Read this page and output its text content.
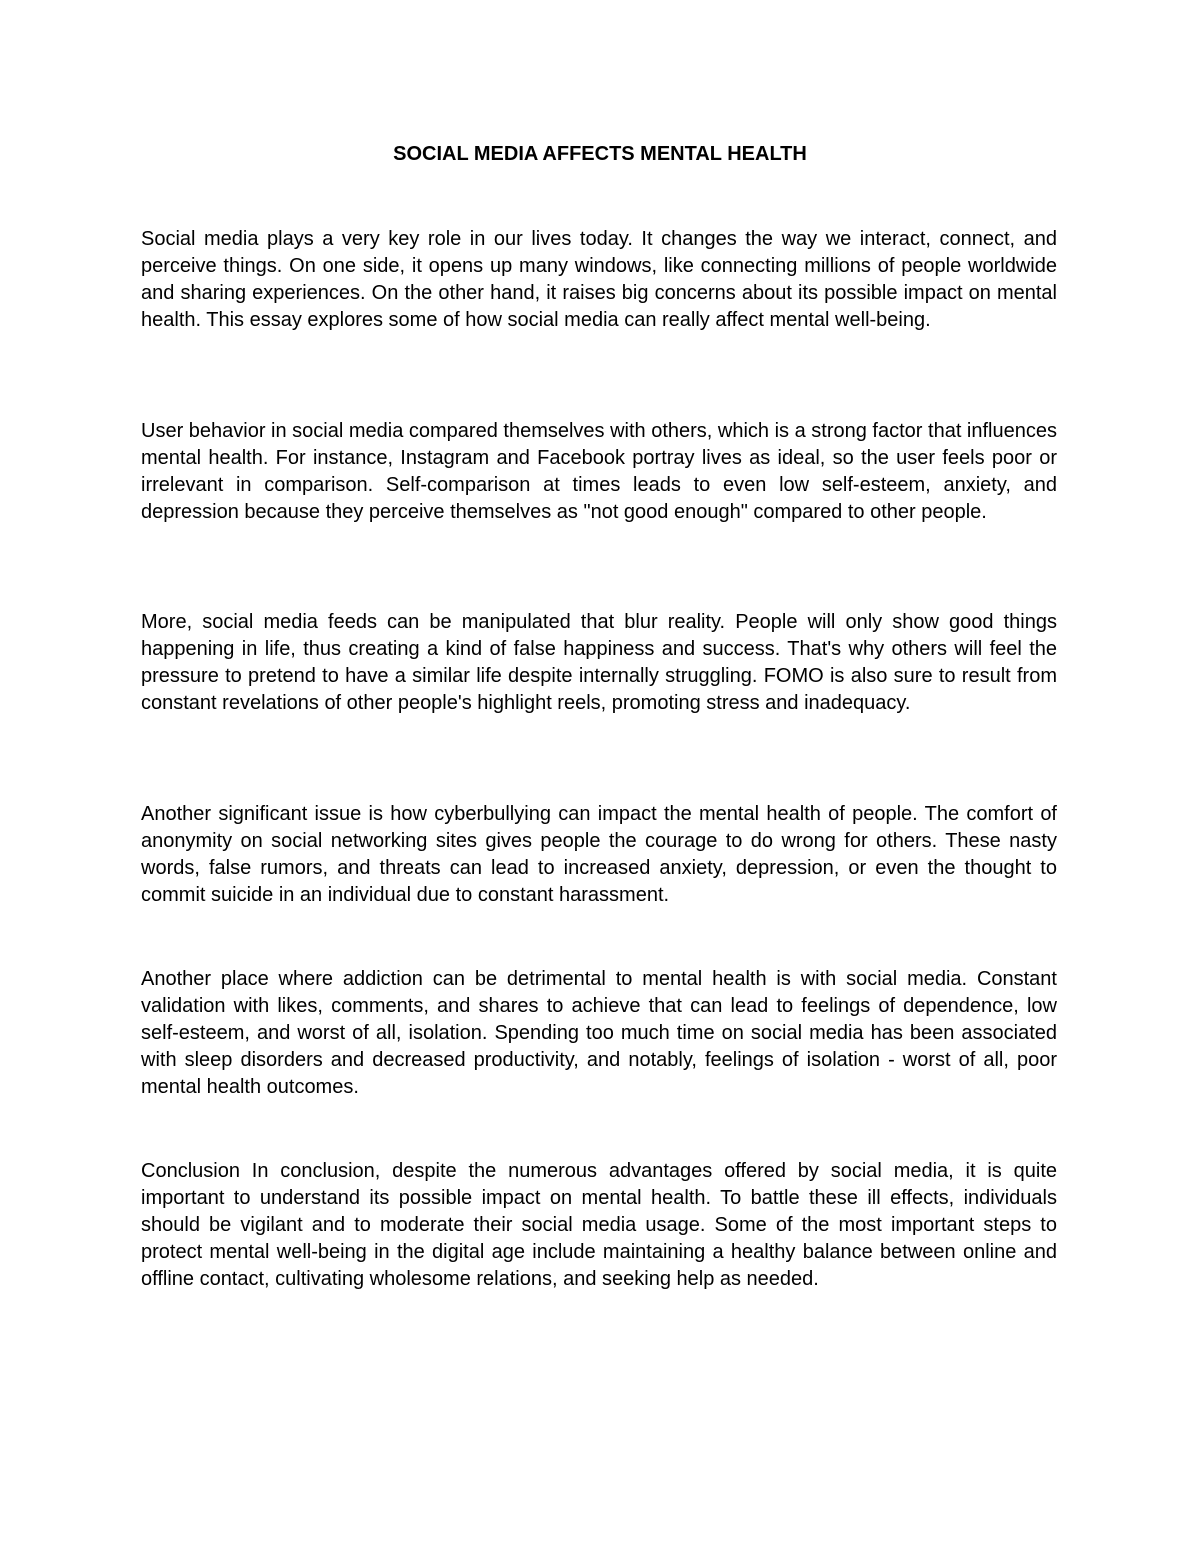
SOCIAL MEDIA AFFECTS MENTAL HEALTH

Social media plays a very key role in our lives today. It changes the way we interact, connect, and perceive things. On one side, it opens up many windows, like connecting millions of people worldwide and sharing experiences. On the other hand, it raises big concerns about its possible impact on mental health. This essay explores some of how social media can really affect mental well-being.

User behavior in social media compared themselves with others, which is a strong factor that influences mental health. For instance, Instagram and Facebook portray lives as ideal, so the user feels poor or irrelevant in comparison. Self-comparison at times leads to even low self-esteem, anxiety, and depression because they perceive themselves as "not good enough" compared to other people.

More, social media feeds can be manipulated that blur reality. People will only show good things happening in life, thus creating a kind of false happiness and success. That's why others will feel the pressure to pretend to have a similar life despite internally struggling. FOMO is also sure to result from constant revelations of other people's highlight reels, promoting stress and inadequacy.

Another significant issue is how cyberbullying can impact the mental health of people. The comfort of anonymity on social networking sites gives people the courage to do wrong for others. These nasty words, false rumors, and threats can lead to increased anxiety, depression, or even the thought to commit suicide in an individual due to constant harassment.

Another place where addiction can be detrimental to mental health is with social media. Constant validation with likes, comments, and shares to achieve that can lead to feelings of dependence, low self-esteem, and worst of all, isolation. Spending too much time on social media has been associated with sleep disorders and decreased productivity, and notably, feelings of isolation - worst of all, poor mental health outcomes.

Conclusion In conclusion, despite the numerous advantages offered by social media, it is quite important to understand its possible impact on mental health. To battle these ill effects, individuals should be vigilant and to moderate their social media usage. Some of the most important steps to protect mental well-being in the digital age include maintaining a healthy balance between online and offline contact, cultivating wholesome relations, and seeking help as needed.
